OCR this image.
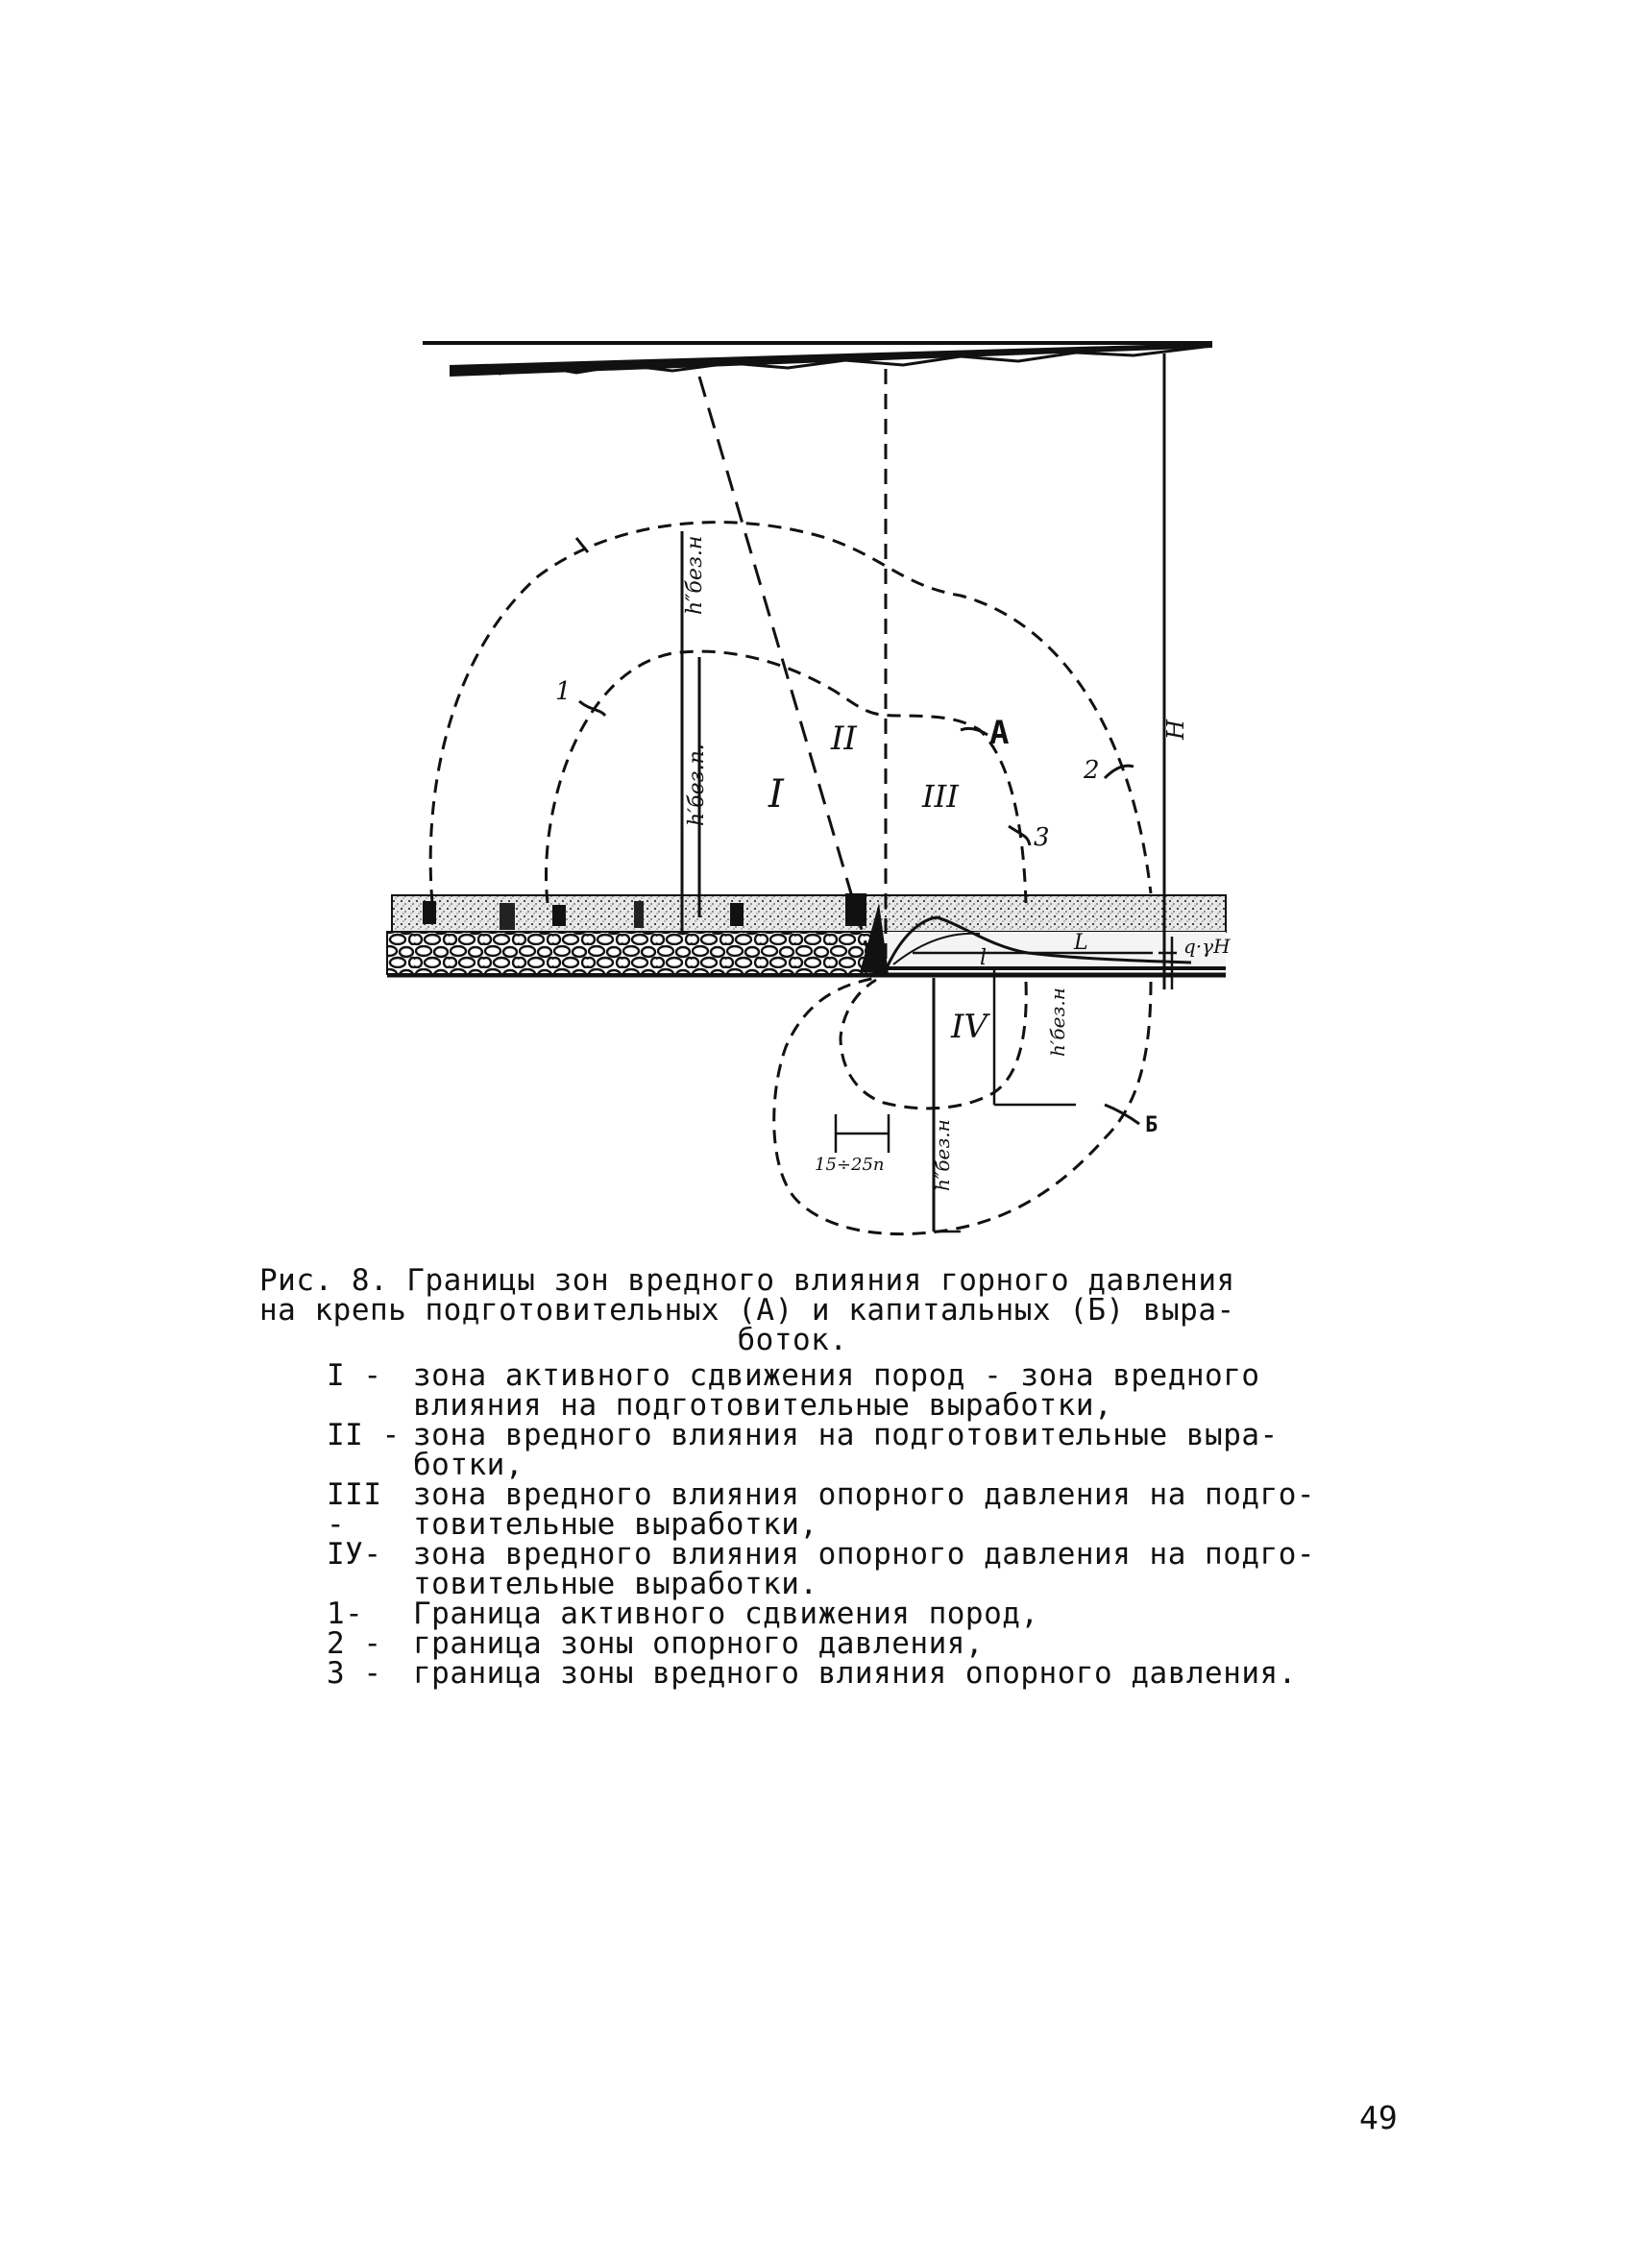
I
II
III
IV
1
2
3
A
Б
h″без.н
h′без.п.
h′без.н
h″без.н
H
l
L	q·γH
15÷25п
Рис. 8. Границы зон вредного влияния горного давления
на крепь подготовительных (А) и капитальных (Б) выра-
боток.
I -	зона активного сдвижения пород - зона вредного
влияния на подготовительные выработки,
II - зона вредного влияния на подготовительные выра-
ботки,
III -
зона вредного влияния опорного давления на подго-
товительные выработки,
IУ-	зона вредного влияния опорного давления на подго-
товительные выработки.
1-	Граница активного сдвижения пород,
2 -	граница зоны опорного давления,
3 -	граница зоны вредного влияния опорного давления.
49
